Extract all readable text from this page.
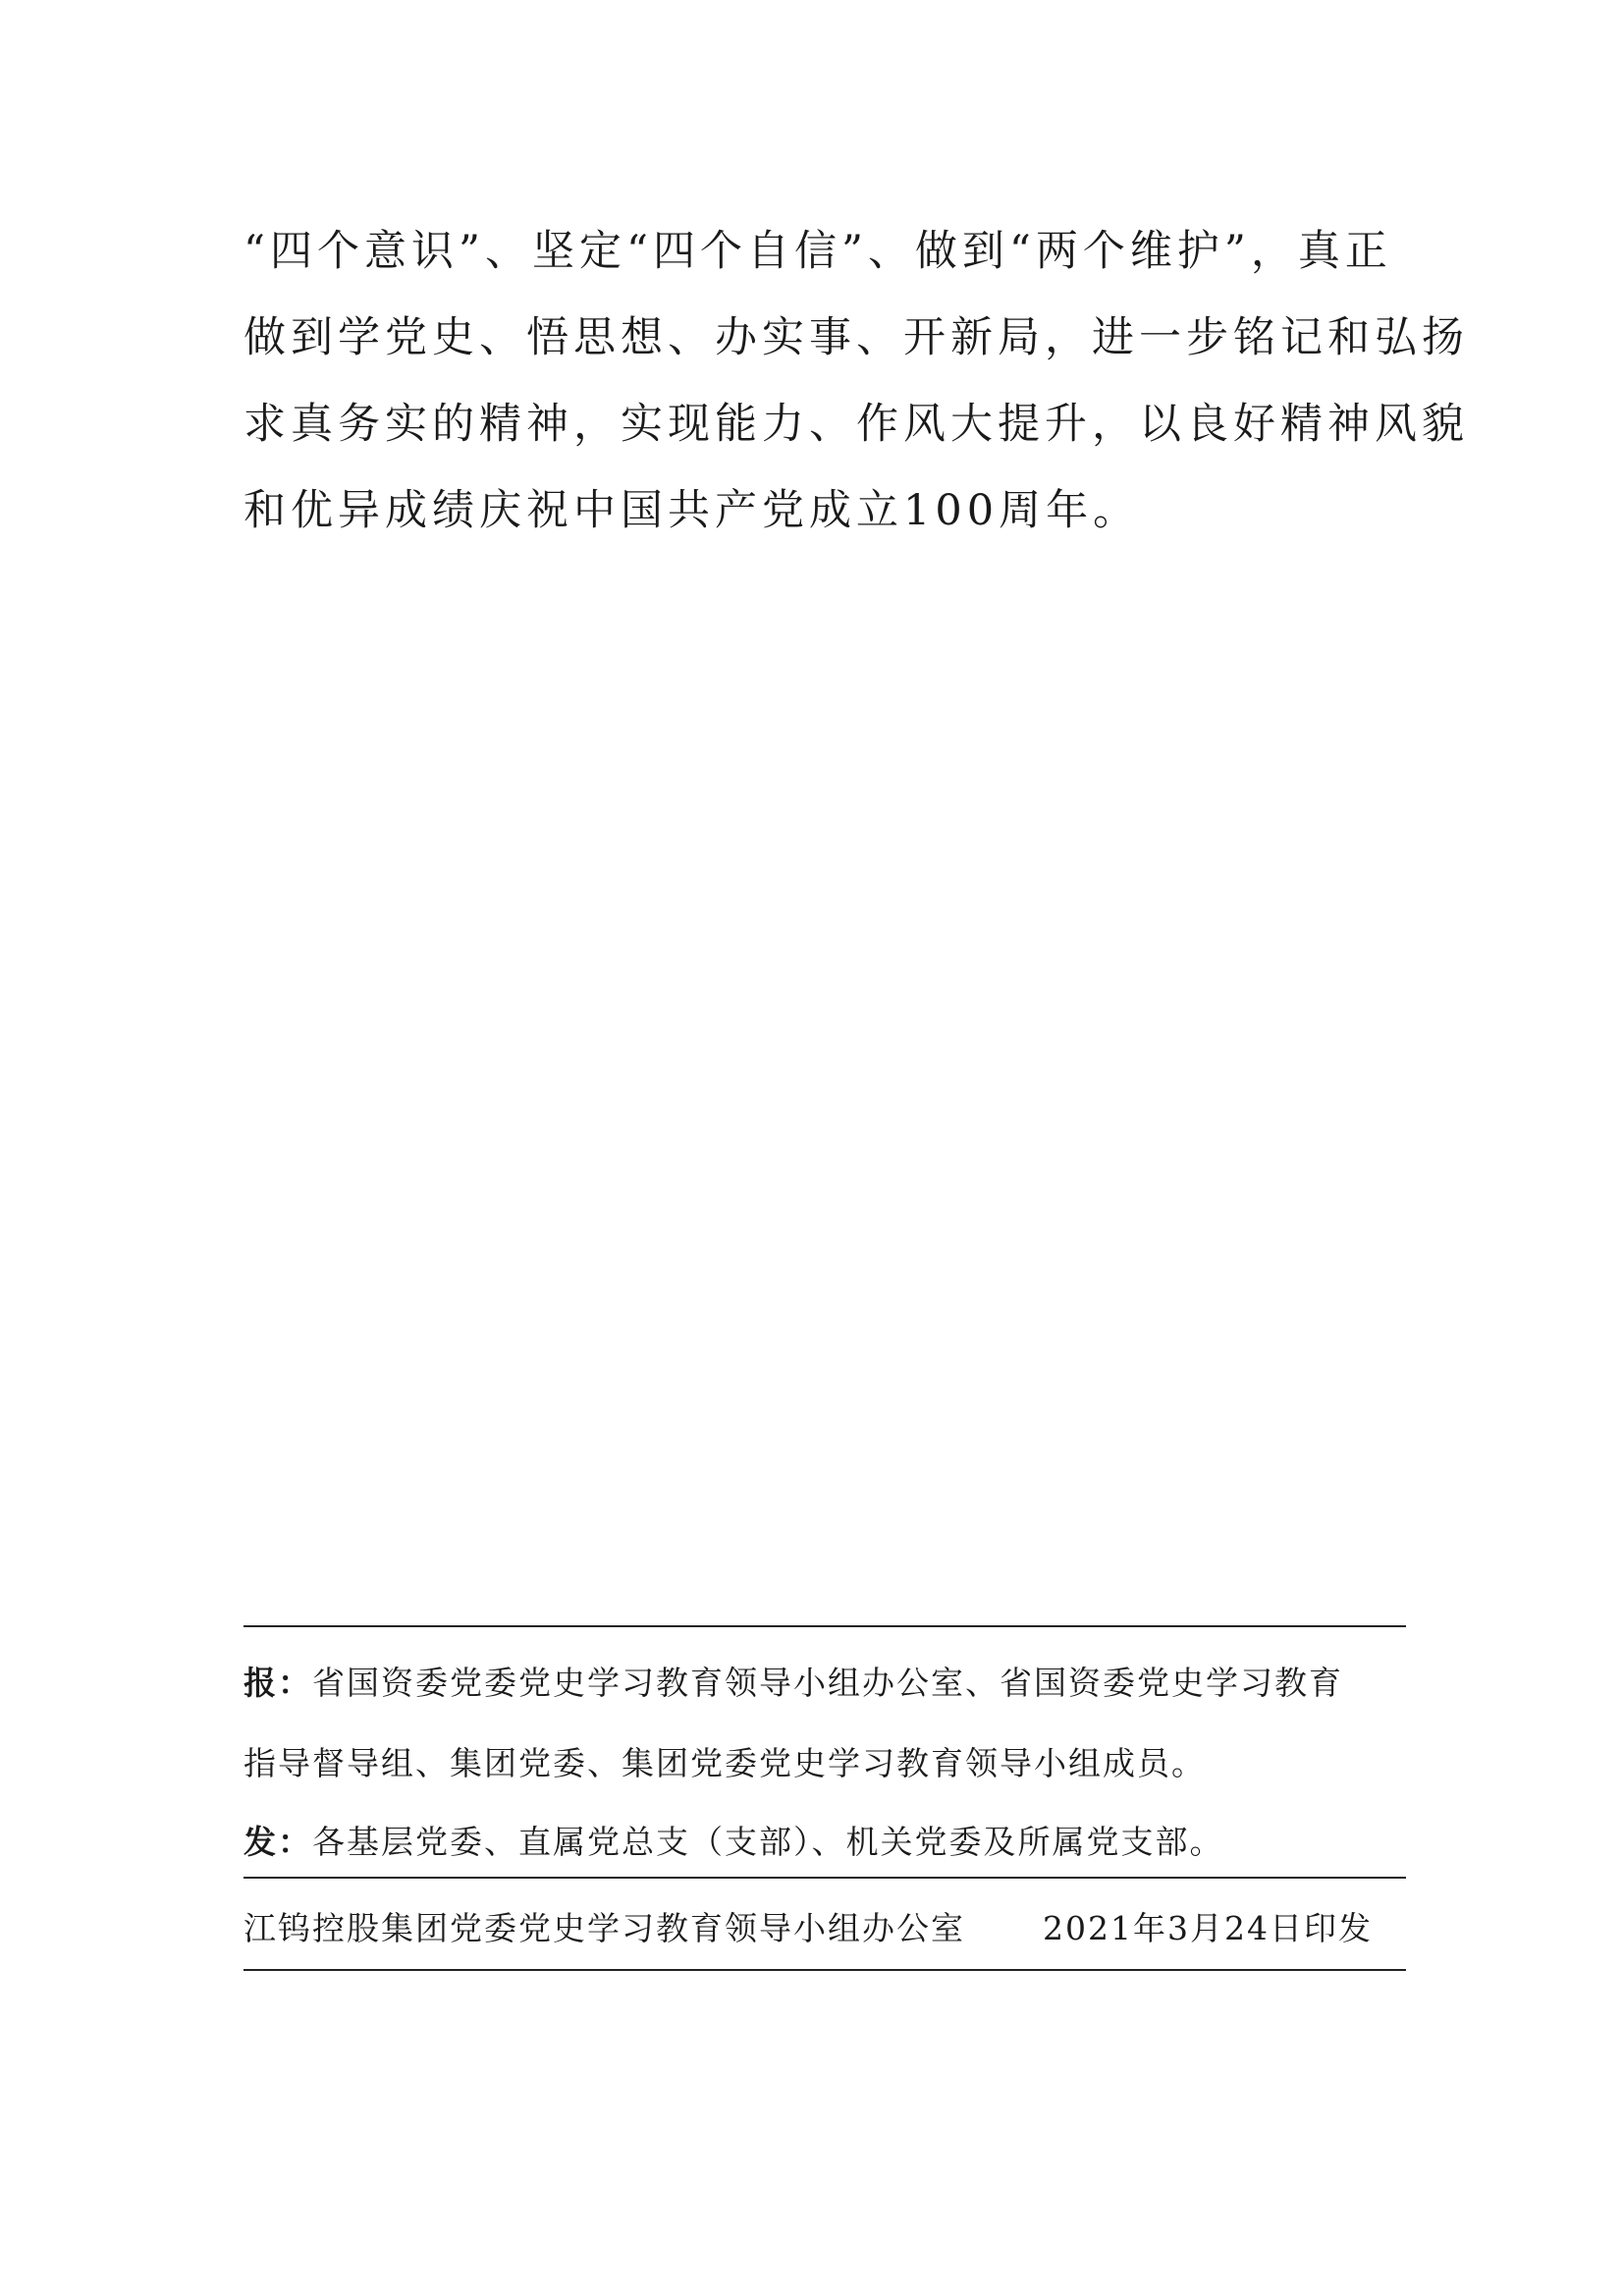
“四个意识”、坚定“四个自信”、做到“两个维护”，真正
做到学党史、悟思想、办实事、开新局，进一步铭记和弘扬
求真务实的精神，实现能力、作风大提升，以良好精神风貌
和优异成绩庆祝中国共产党成立100周年。
报：省国资委党委党史学习教育领导小组办公室、省国资委党史学习教育
指导督导组、集团党委、集团党委党史学习教育领导小组成员。
发：各基层党委、直属党总支（支部）、机关党委及所属党支部。
江钨控股集团党委党史学习教育领导小组办公室 2021年3月24日印发
